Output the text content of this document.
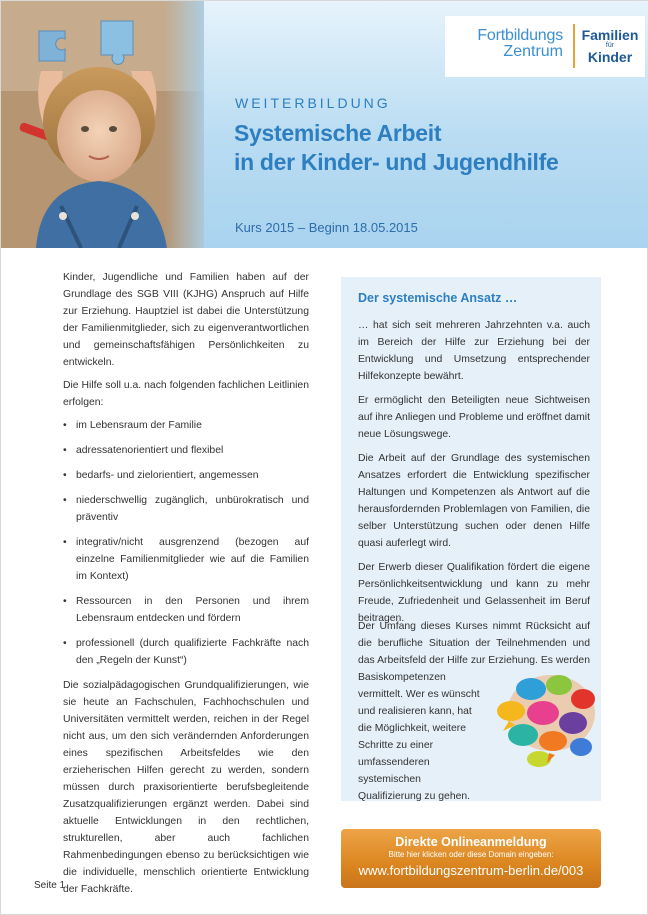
Fortbildungs
Zentrum
Familien
für
Kinder
WEITERBILDUNG
Systemische Arbeit
in der Kinder- und Jugendhilfe
Kurs 2015 – Beginn 18.05.2015

Kinder, Jugendliche und Familien haben auf der Grundlage des SGB VIII (KJHG) Anspruch auf Hilfe zur Erziehung. Hauptziel ist dabei die Unterstützung der Familienmitglieder, sich zu eigenverantwortlichen und gemeinschaftsfähigen Persönlichkeiten zu entwickeln.

Die Hilfe soll u.a. nach folgenden fachlichen Leitlinien erfolgen:

• im Lebensraum der Familie
• adressatenorientiert und flexibel
• bedarfs- und zielorientiert, angemessen
• niederschwellig zugänglich, unbürokratisch und präventiv
• integrativ/nicht ausgrenzend (bezogen auf einzelne Familienmitglieder wie auf die Familien im Kontext)
• Ressourcen in den Personen und ihrem Lebensraum entdecken und fördern
• professionell (durch qualifizierte Fachkräfte nach den „Regeln der Kunst“)

Die sozialpädagogischen Grundqualifizierungen, wie sie heute an Fachschulen, Fachhochschulen und Universitäten vermittelt werden, reichen in der Regel nicht aus, um den sich verändernden Anforderungen eines spezifischen Arbeitsfeldes wie den erzieherischen Hilfen gerecht zu werden, sondern müssen durch praxisorientierte berufsbegleitende Zusatzqualifizierungen ergänzt werden. Dabei sind aktuelle Entwicklungen in den rechtlichen, strukturellen, aber auch fachlichen Rahmenbedingungen ebenso zu berücksichtigen wie die individuelle, menschlich orientierte Entwicklung der Fachkräfte.

Der systemische Ansatz …

… hat sich seit mehreren Jahrzehnten v.a. auch im Bereich der Hilfe zur Erziehung bei der Entwicklung und Umsetzung entsprechender Hilfekonzepte bewährt.

Er ermöglicht den Beteiligten neue Sichtweisen auf ihre Anliegen und Probleme und eröffnet damit neue Lösungswege.

Die Arbeit auf der Grundlage des systemischen Ansatzes erfordert die Entwicklung spezifischer Haltungen und Kompetenzen als Antwort auf die herausfordernden Problemlagen von Familien, die selber Unterstützung suchen oder denen Hilfe quasi auferlegt wird.

Der Erwerb dieser Qualifikation fördert die eigene Persönlichkeitsentwicklung und kann zu mehr Freude, Zufriedenheit und Gelassenheit im Beruf beitragen.

Der Umfang dieses Kurses nimmt Rücksicht auf die berufliche Situation der Teilnehmenden und das Arbeitsfeld der Hilfe zur Erziehung. Es werden Basiskompetenzen
vermittelt. Wer es wünscht und realisieren kann, hat die Möglichkeit, weitere Schritte zu einer umfassenderen systemischen Qualifizierung zu gehen.
Direkte Onlineanmeldung
Bitte hier klicken oder diese Domain eingeben:
www.fortbildungszentrum-berlin.de/003
Seite 1
